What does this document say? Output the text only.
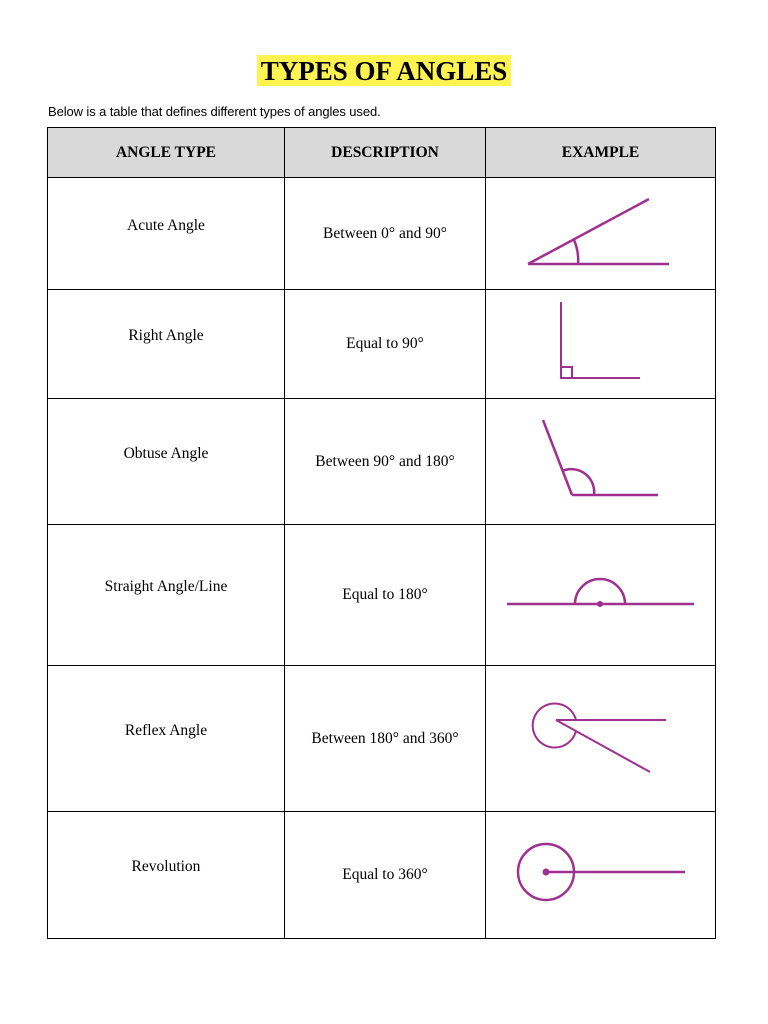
TYPES OF ANGLES
Below is a table that defines different types of angles used.
ANGLE TYPE	DESCRIPTION	EXAMPLE
Acute Angle	Between 0° and 90°	

Right Angle	Equal to 90°	

Obtuse Angle	Between 90° and 180°	

Straight Angle/Line	Equal to 180°	

Reflex Angle	Between 180° and 360°	

Revolution	Equal to 360°	
